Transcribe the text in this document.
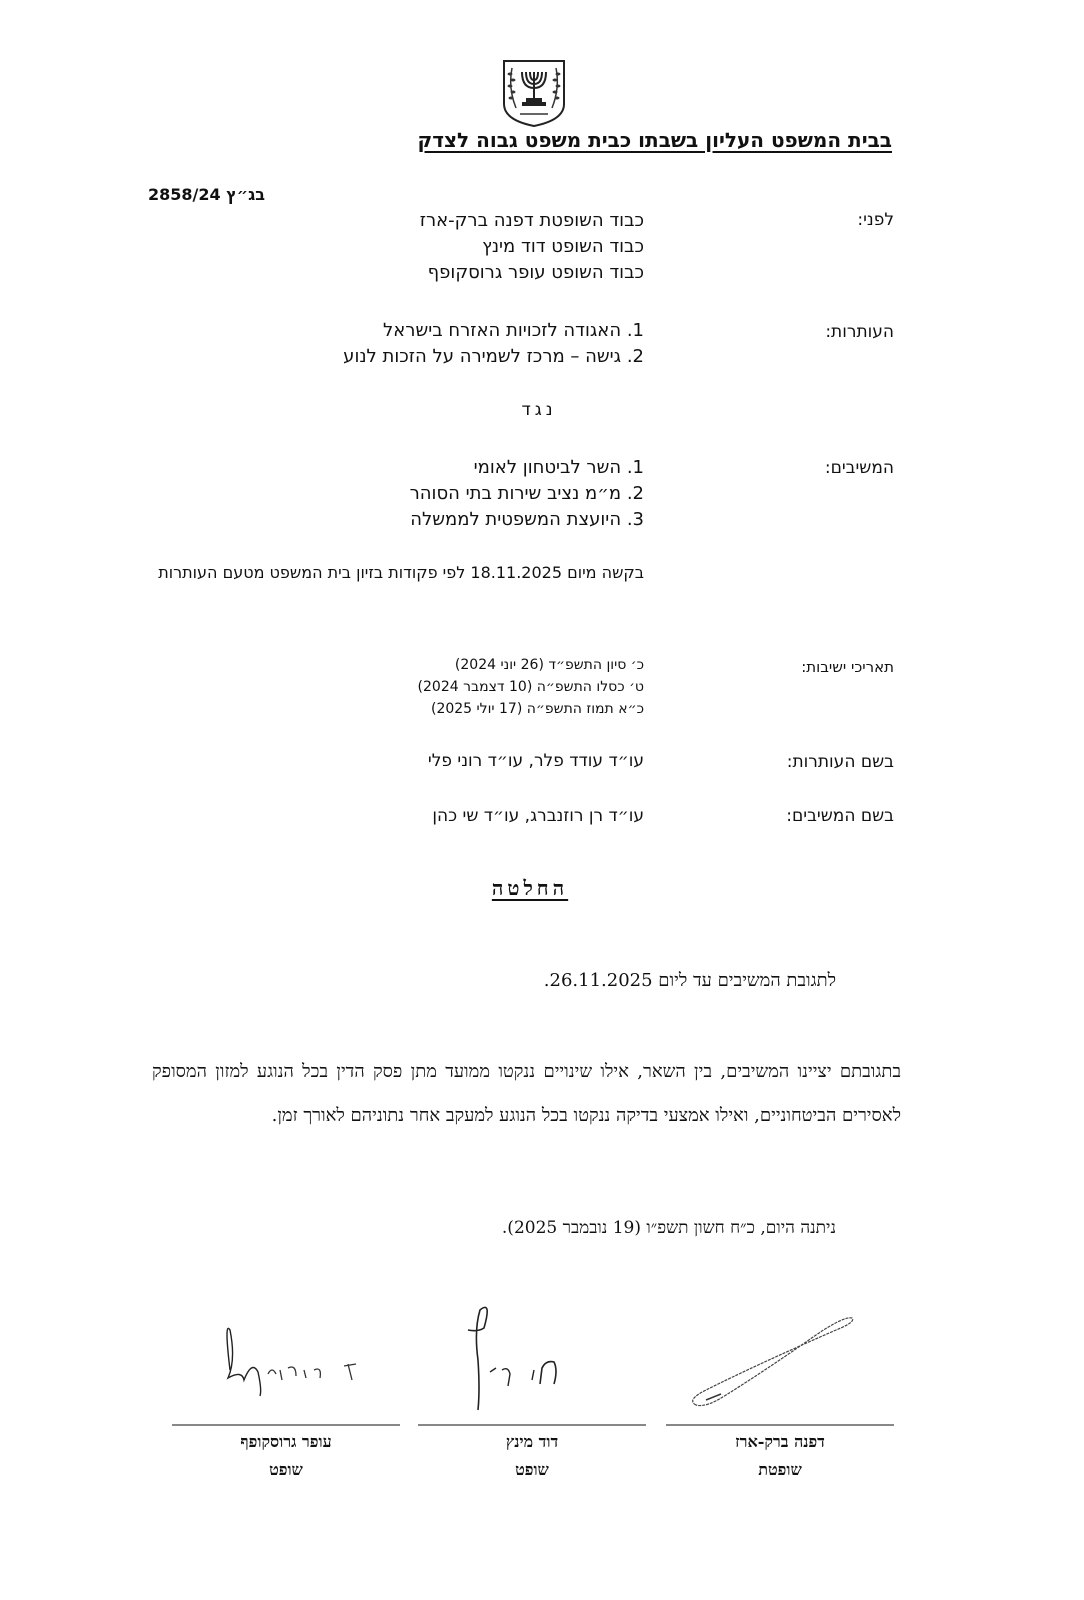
בבית המשפט העליון בשבתו כבית משפט גבוה לצדק
בג״ץ 2858/24
לפני:
כבוד השופטת דפנה ברק-ארז
כבוד השופט דוד מינץ
כבוד השופט עופר גרוסקופף
העותרות:
1. האגודה לזכויות האזרח בישראל
2. גישה – מרכז לשמירה על הזכות לנוע
נגד
המשיבים:
1. השר לביטחון לאומי
2. מ״מ נציב שירות בתי הסוהר
3. היועצת המשפטית לממשלה
בקשה מיום 18.11.2025 לפי פקודות בזיון בית המשפט מטעם העותרות
תאריכי ישיבות:
כ׳ סיון התשפ״ד (26 יוני 2024)
ט׳ כסלו התשפ״ה (10 דצמבר 2024)
כ״א תמוז התשפ״ה (17 יולי 2025)
בשם העותרות:
עו״ד עודד פלר, עו״ד רוני פלי
בשם המשיבים:
עו״ד רן רוזנברג, עו״ד שי כהן
החלטה
לתגובת המשיבים עד ליום 26.11.2025.
בתגובתם יציינו המשיבים, בין השאר, אילו שינויים ננקטו ממועד מתן פסק הדין בכל הנוגע למזון המסופק לאסירים הביטחוניים, ואילו אמצעי בדיקה ננקטו בכל הנוגע למעקב אחר נתוניהם לאורך זמן.
ניתנה היום, כ״ח חשון תשפ״ו (19 נובמבר 2025).
דפנה ברק-ארז
שופטת
דוד מינץ
שופט
עופר גרוסקופף
שופט
